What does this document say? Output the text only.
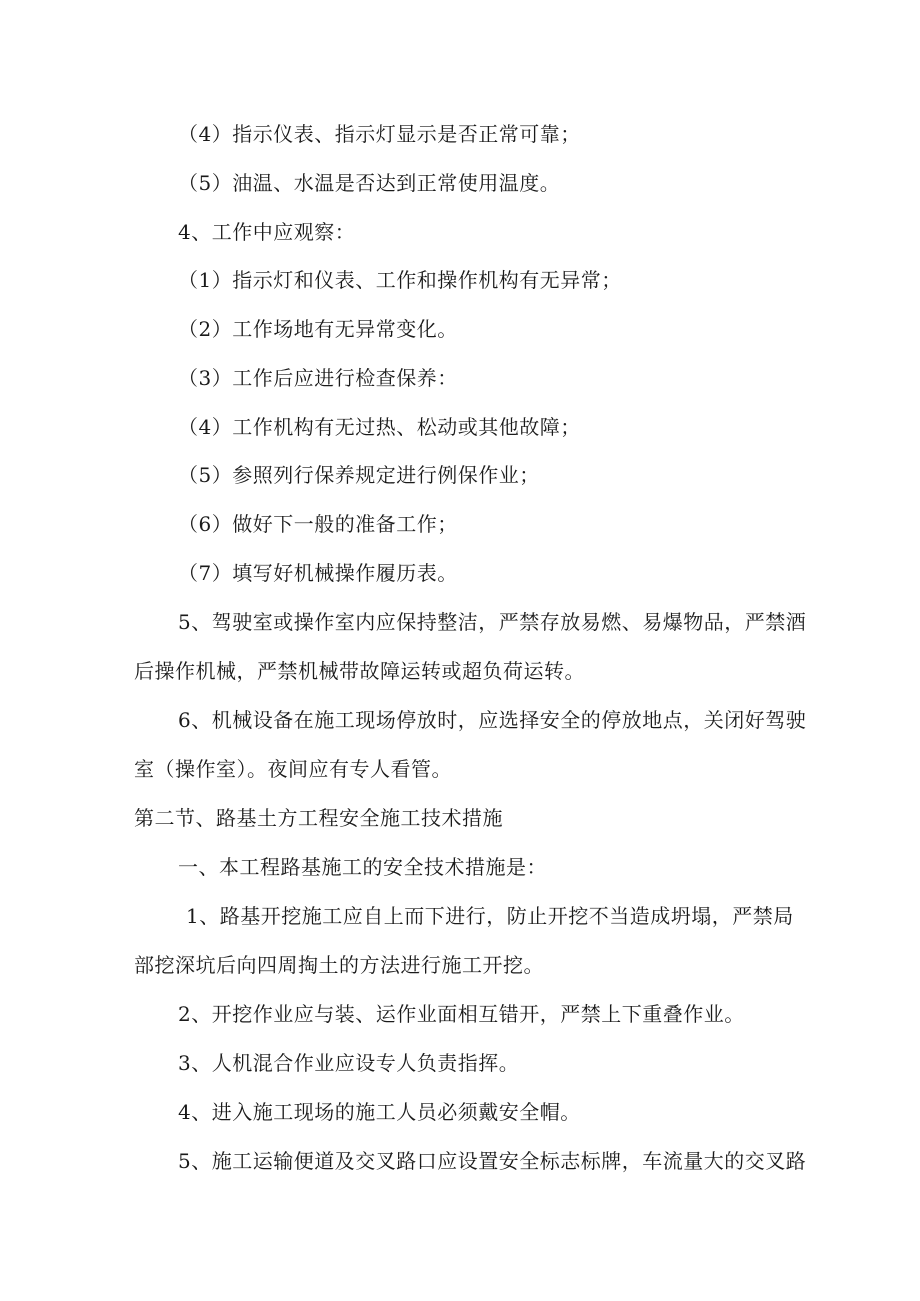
（4）指示仪表、指示灯显示是否正常可靠；
（5）油温、水温是否达到正常使用温度。
4、工作中应观察：
（1）指示灯和仪表、工作和操作机构有无异常；
（2）工作场地有无异常变化。
（3）工作后应进行检查保养：
（4）工作机构有无过热、松动或其他故障；
（5）参照列行保养规定进行例保作业；
（6）做好下一般的准备工作；
（7）填写好机械操作履历表。
5、驾驶室或操作室内应保持整洁，严禁存放易燃、易爆物品，严禁酒
后操作机械，严禁机械带故障运转或超负荷运转。
6、机械设备在施工现场停放时，应选择安全的停放地点，关闭好驾驶
室（操作室）。夜间应有专人看管。
第二节、路基土方工程安全施工技术措施
一、本工程路基施工的安全技术措施是：
1、路基开挖施工应自上而下进行，防止开挖不当造成坍塌，严禁局
部挖深坑后向四周掏土的方法进行施工开挖。
2、开挖作业应与装、运作业面相互错开，严禁上下重叠作业。
3、人机混合作业应设专人负责指挥。
4、进入施工现场的施工人员必须戴安全帽。
5、施工运输便道及交叉路口应设置安全标志标牌，车流量大的交叉路
